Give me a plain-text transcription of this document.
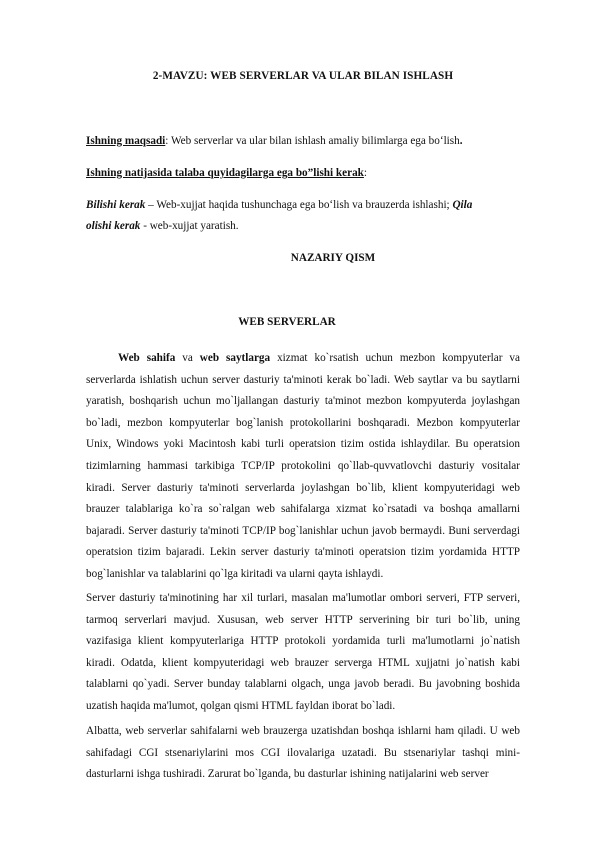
2-MAVZU: WEB SERVERLAR VA ULAR BILAN ISHLASH
Ishning maqsadi: Web serverlar va ular bilan ishlash amaliy bilimlarga ega bo‘lish.
Ishning natijasida talaba quyidagilarga ega bo”lishi kerak:
Bilishi kerak – Web-xujjat haqida tushunchaga ega bo‘lish va brauzerda ishlashi; Qila
olishi kerak - web-xujjat yaratish.
NAZARIY QISM
WEB SERVERLAR
Web sahifa va web saytlarga xizmat ko`rsatish uchun mezbon kompyuterlar va serverlarda ishlatish uchun server dasturiy ta'minoti kerak bo`ladi. Web saytlar va bu saytlarni yaratish, boshqarish uchun mo`ljallangan dasturiy ta'minot mezbon kompyuterda joylashgan bo`ladi, mezbon kompyuterlar bog`lanish protokollarini boshqaradi. Mezbon kompyuterlar Unix, Windows yoki Macintosh kabi turli operatsion tizim ostida ishlaydilar. Bu operatsion tizimlarning hammasi tarkibiga TCP/IP protokolini qo`llab-quvvatlovchi dasturiy vositalar kiradi. Server dasturiy ta'minoti serverlarda joylashgan bo`lib, klient kompyuteridagi web brauzer talablariga ko`ra so`ralgan web sahifalarga xizmat ko`rsatadi va boshqa amallarni bajaradi. Server dasturiy ta'minoti TCP/IP bog`lanishlar uchun javob bermaydi. Buni serverdagi operatsion tizim bajaradi. Lekin server dasturiy ta'minoti operatsion tizim yordamida HTTP bog`lanishlar va talablarini qo`lga kiritadi va ularni qayta ishlaydi.
Server dasturiy ta'minotining har xil turlari, masalan ma'lumotlar ombori serveri, FTP serveri, tarmoq serverlari mavjud. Xususan, web server HTTP serverining bir turi bo`lib, uning vazifasiga klient kompyuterlariga HTTP protokoli yordamida turli ma'lumotlarni jo`natish kiradi. Odatda, klient kompyuteridagi web brauzer serverga HTML xujjatni jo`natish kabi talablarni qo`yadi. Server bunday talablarni olgach, unga javob beradi. Bu javobning boshida uzatish haqida ma'lumot, qolgan qismi HTML fayldan iborat bo`ladi.
Albatta, web serverlar sahifalarni web brauzerga uzatishdan boshqa ishlarni ham qiladi. U web sahifadagi CGI stsenariylarini mos CGI ilovalariga uzatadi. Bu stsenariylar tashqi mini-dasturlarni ishga tushiradi. Zarurat bo`lganda, bu dasturlar ishining natijalarini web server
